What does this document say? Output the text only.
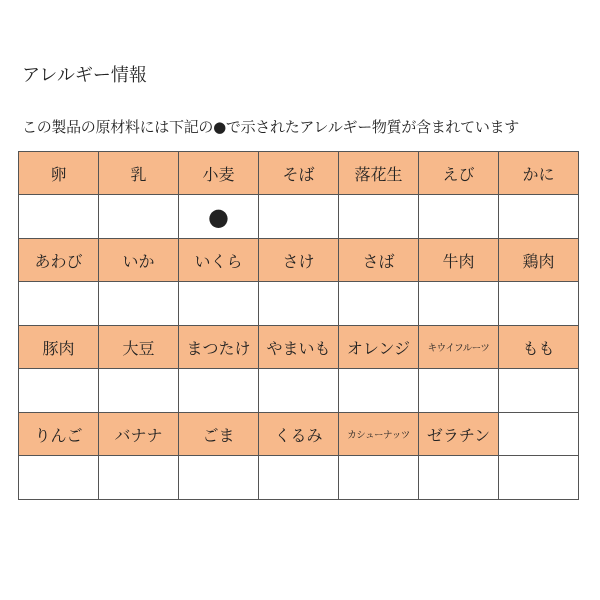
アレルギー情報
この製品の原材料には下記の●で示されたアレルギー物質が含まれています
卵	乳	小麦	そば	落花生	えび	かに
		●				
あわび	いか	いくら	さけ	さば	牛肉	鶏肉

豚肉	大豆	まつたけ	やまいも	オレンジ	キウイフルーツ	もも

りんご	バナナ	ごま	くるみ	カシューナッツ	ゼラチン	
